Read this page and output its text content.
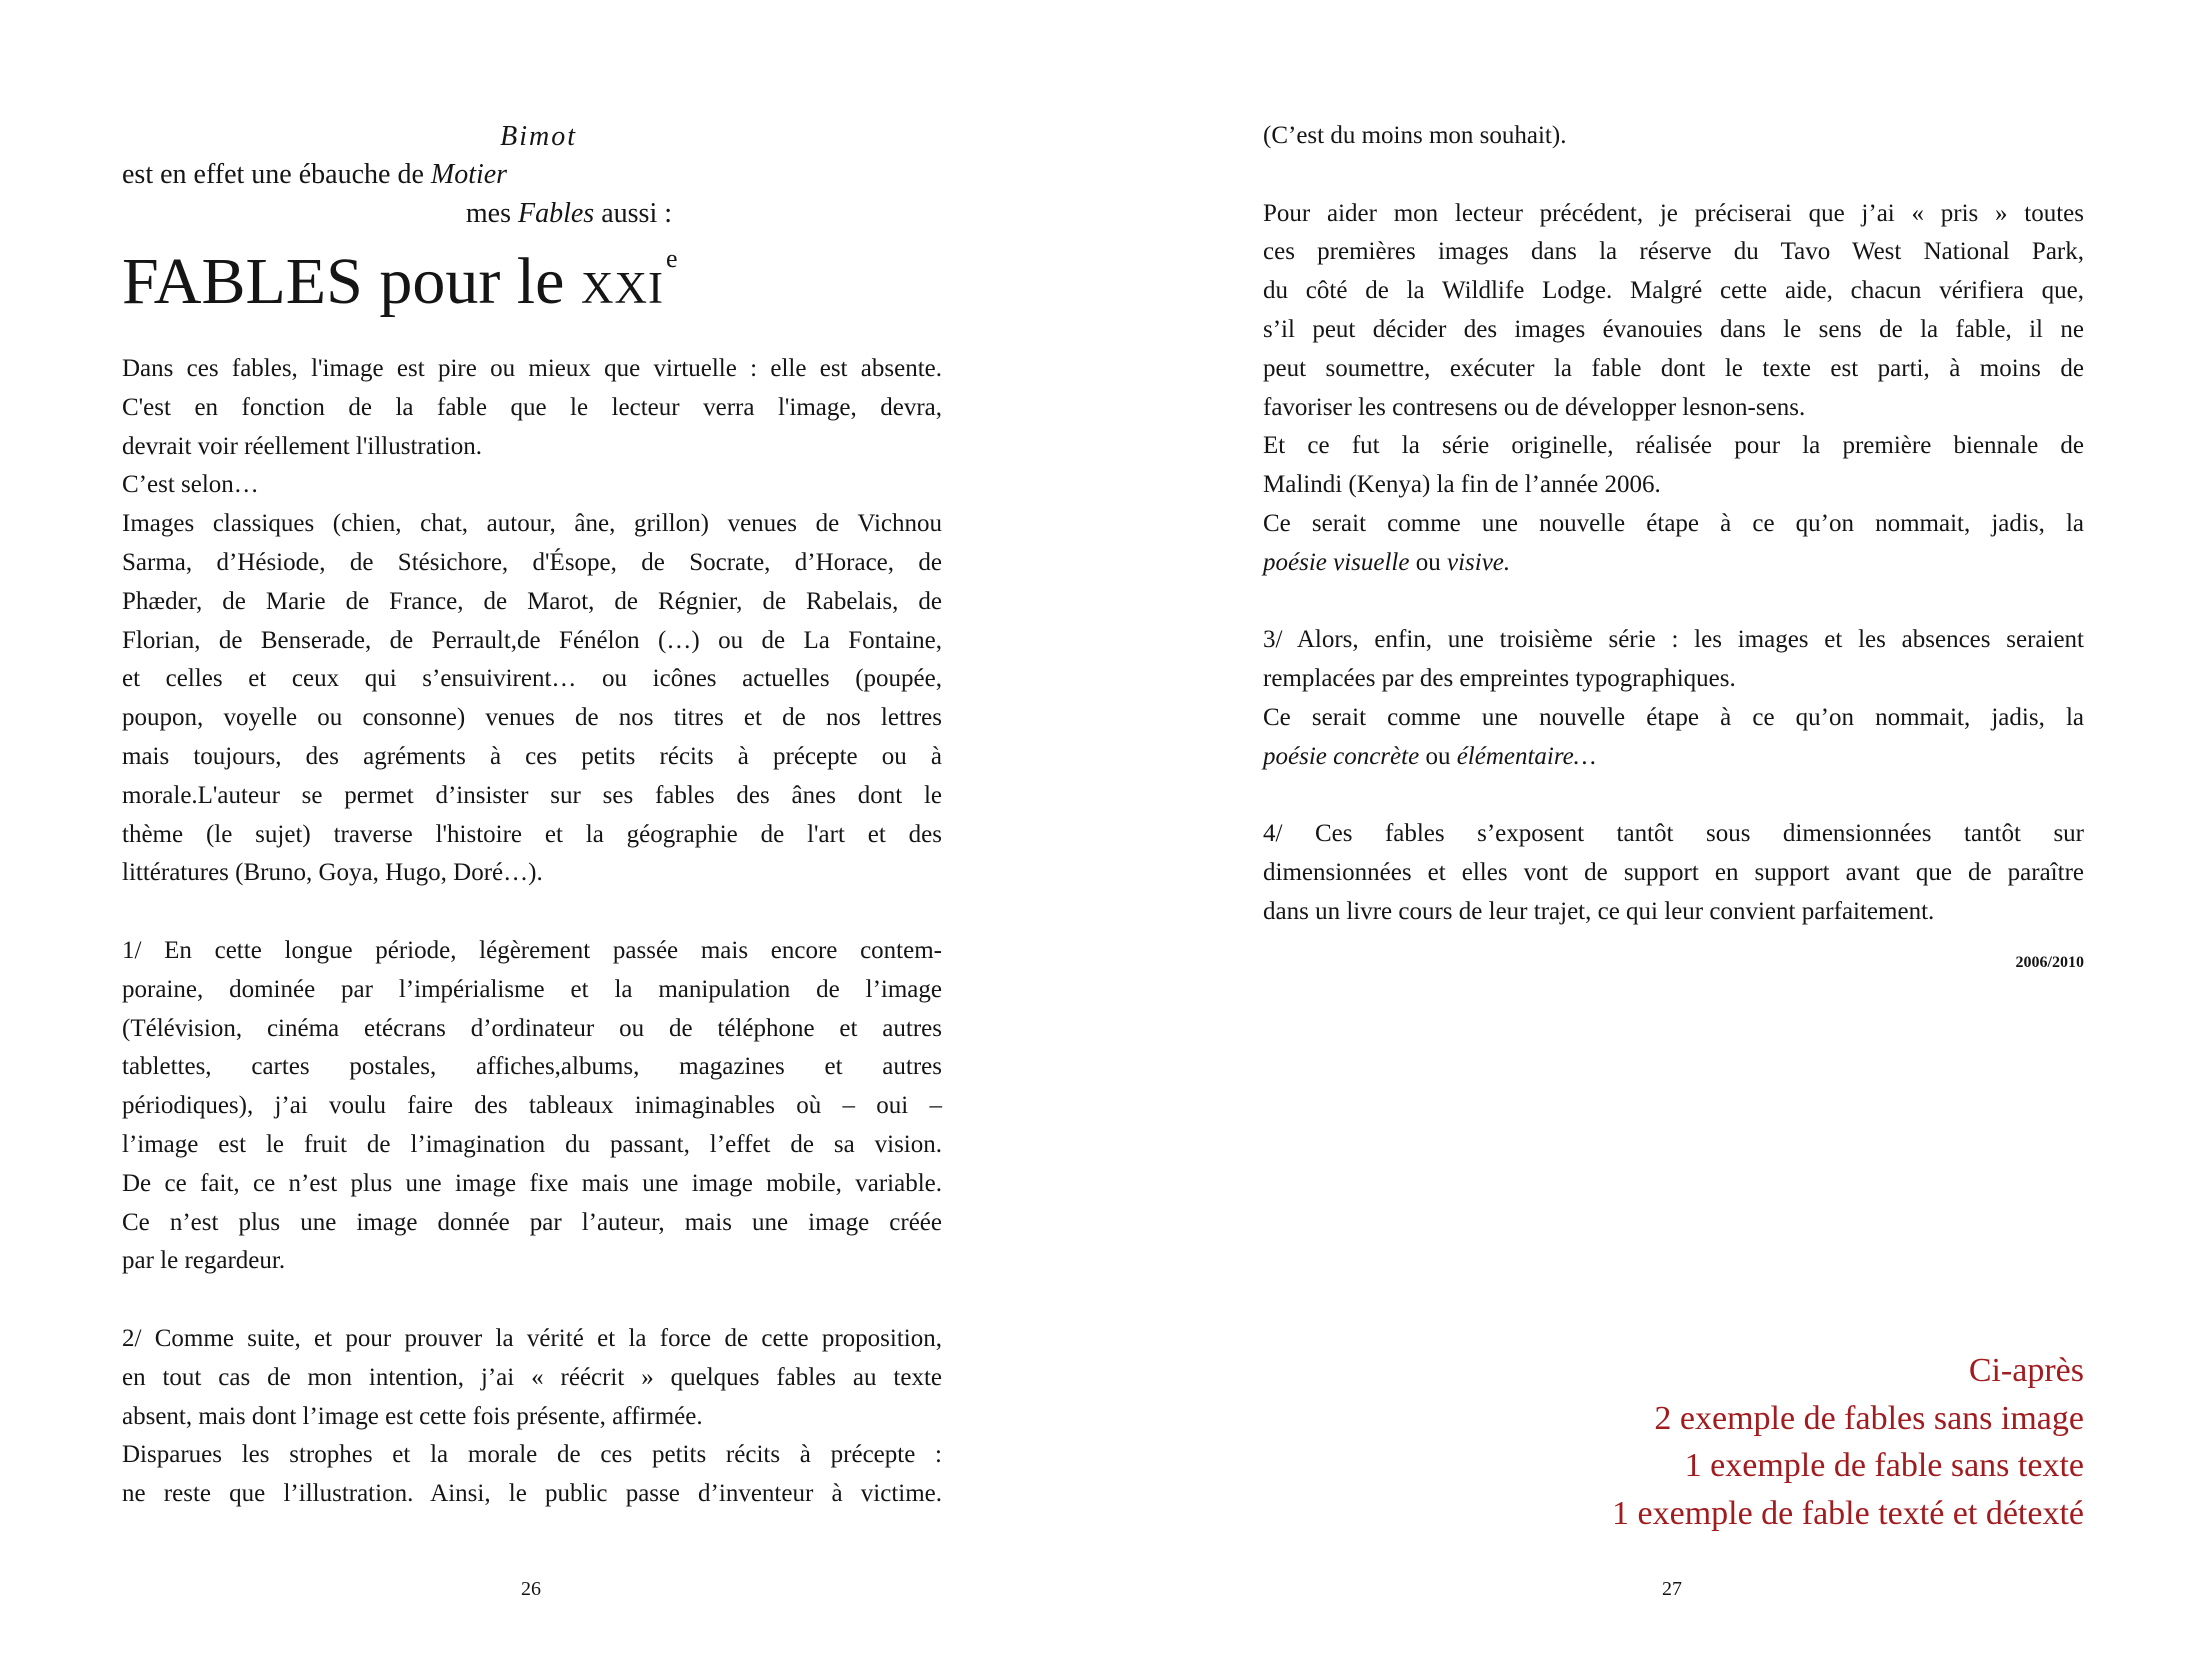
Bimot
est en effet une ébauche de Motier
mes Fables aussi :
FABLES pour le XXIe
Dans ces fables, l'image est pire ou mieux que virtuelle : elle est absente.
C'est en fonction de la fable que le lecteur verra l'image, devra,
devrait voir réellement l'illustration.
C’est selon…
Images classiques (chien, chat, autour, âne, grillon) venues de Vichnou
Sarma, d’Hésiode, de Stésichore, d'Ésope, de Socrate, d’Horace, de
Phæder, de Marie de France, de Marot, de Régnier, de Rabelais, de
Florian, de Benserade, de Perrault,de Fénélon (…) ou de La Fontaine,
et celles et ceux qui s’ensuivirent… ou icônes actuelles (poupée,
poupon, voyelle ou consonne) venues de nos titres et de nos lettres
mais toujours, des agréments à ces petits récits à précepte ou à
morale.L'auteur se permet d’insister sur ses fables des ânes dont le
thème (le sujet) traverse l'histoire et la géographie de l'art et des
littératures (Bruno, Goya, Hugo, Doré…).
1/ En cette longue période, légèrement passée mais encore contem-
poraine, dominée par l’impérialisme et la manipulation de l’image
(Télévision, cinéma etécrans d’ordinateur ou de téléphone et autres
tablettes, cartes postales, affiches,albums, magazines et autres
périodiques), j’ai voulu faire des tableaux inimaginables où – oui –
l’image est le fruit de l’imagination du passant, l’effet de sa vision.
De ce fait, ce n’est plus une image fixe mais une image mobile, variable.
Ce n’est plus une image donnée par l’auteur, mais une image créée
par le regardeur.
2/ Comme suite, et pour prouver la vérité et la force de cette proposition,
en tout cas de mon intention, j’ai « réécrit » quelques fables au texte
absent, mais dont l’image est cette fois présente, affirmée.
Disparues les strophes et la morale de ces petits récits à précepte :
ne reste que l’illustration. Ainsi, le public passe d’inventeur à victime.
26
(C’est du moins mon souhait).
Pour aider mon lecteur précédent, je préciserai que j’ai « pris » toutes
ces premières images dans la réserve du Tavo West National Park,
du côté de la Wildlife Lodge. Malgré cette aide, chacun vérifiera que,
s’il peut décider des images évanouies dans le sens de la fable, il ne
peut soumettre, exécuter la fable dont le texte est parti, à moins de
favoriser les contresens ou de développer lesnon-sens.
Et ce fut la série originelle, réalisée pour la première biennale de
Malindi (Kenya) la fin de l’année 2006.
Ce serait comme une nouvelle étape à ce qu’on nommait, jadis, la
poésie visuelle ou visive.
3/ Alors, enfin, une troisième série : les images et les absences seraient
remplacées par des empreintes typographiques.
Ce serait comme une nouvelle étape à ce qu’on nommait, jadis, la
poésie concrète ou élémentaire…
4/ Ces fables s’exposent tantôt sous dimensionnées tantôt sur
dimensionnées et elles vont de support en support avant que de paraître
dans un livre cours de leur trajet, ce qui leur convient parfaitement.
2006/2010
Ci-après
2 exemple de fables sans image
1 exemple de fable sans texte
1 exemple de fable texté et détexté
27
